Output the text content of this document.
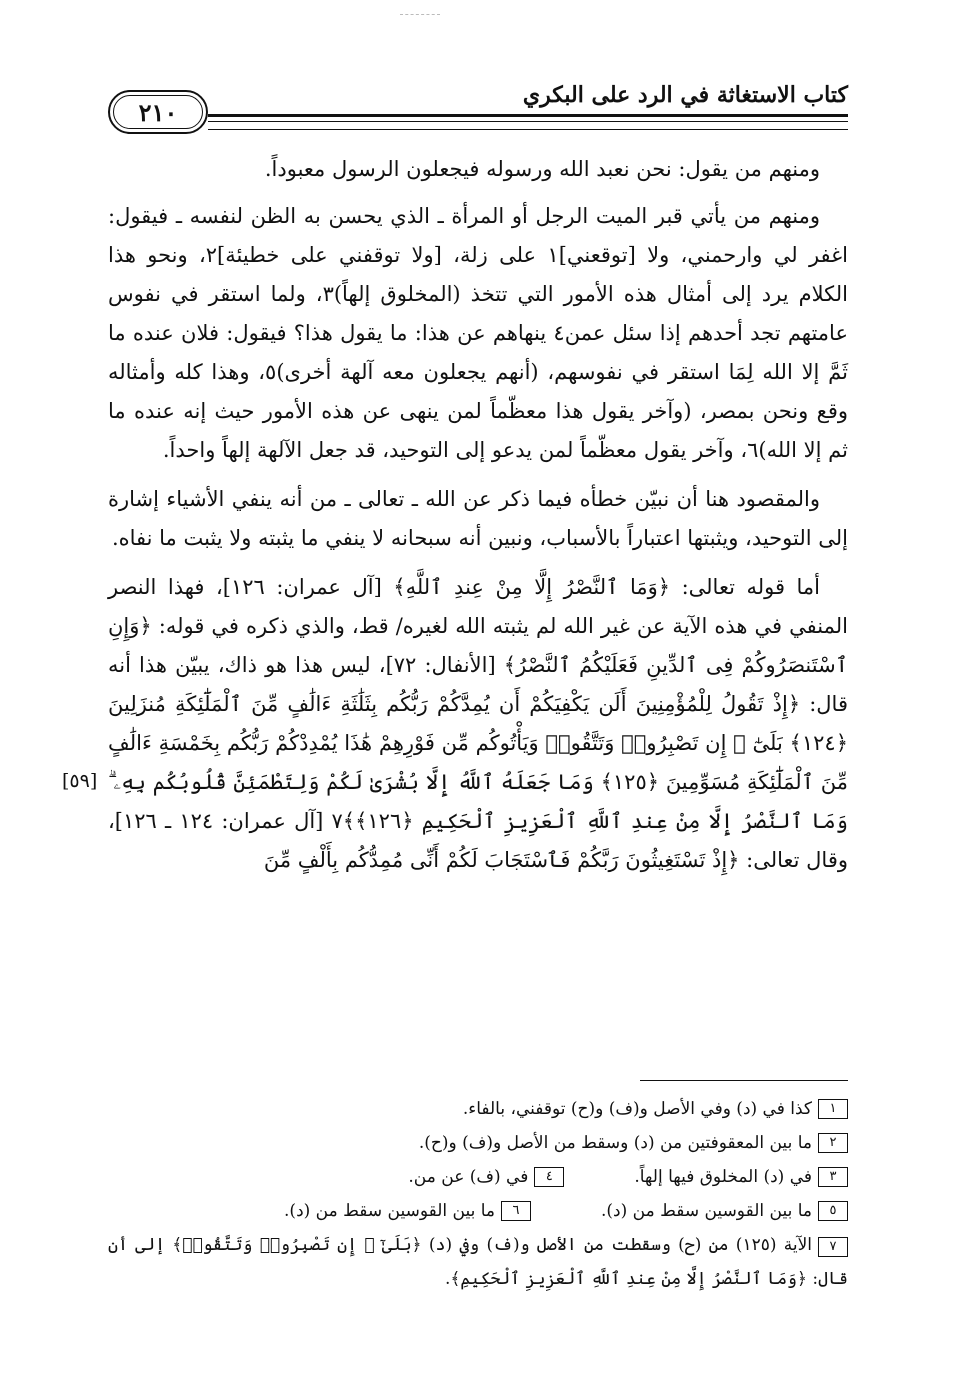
كتاب الاستغاثة في الرد على البكري
٢١٠

ومنهم من يقول: نحن نعبد الله ورسوله فيجعلون الرسول معبوداً.

ومنهم من يأتي قبر الميت الرجل أو المرأة ـ الذي يحسن به الظن لنفسه ـ فيقول: اغفر لي وارحمني، ولا [توقعني]١ على زلة، [ولا توقفني على خطيئة]٢، ونحو هذا الكلام يرد إلى أمثال هذه الأمور التي تتخذ (المخلوق إلهاً)٣، ولما استقر في نفوس عامتهم تجد أحدهم إذا سئل عمن٤ ينهاهم عن هذا: ما يقول هذا؟ فيقول: فلان عنده ما ثَمَّ إلا الله لِمَا استقر في نفوسهم، (أنهم يجعلون معه آلهة أخرى)٥، وهذا كله وأمثاله وقع ونحن بمصر، (وآخر يقول هذا معظّماً لمن ينهى عن هذه الأمور حيث إنه عنده ما ثم إلا الله)٦، وآخر يقول معظّماً لمن يدعو إلى التوحيد، قد جعل الآلهة إلهاً واحداً.

والمقصود هنا أن نبيّن خطأه فيما ذكر عن الله ـ تعالى ـ من أنه ينفي الأشياء إشارة إلى التوحيد، ويثبتها اعتباراً بالأسباب، ونبين أنه سبحانه لا ينفي ما يثبته ولا يثبت ما نفاه.

أما قوله تعالى: ﴿وَمَا ٱلنَّصْرُ إِلَّا مِنْ عِندِ ٱللَّهِ﴾ [آل عمران: ١٢٦]، فهذا النصر المنفي في هذه الآية عن غير الله لم يثبته الله لغيره/ قط، والذي ذكره في قوله: ﴿وَإِنِ ٱسْتَنصَرُوكُمْ فِى ٱلدِّينِ فَعَلَيْكُمُ ٱلنَّصْرُ﴾ [الأنفال: ٧٢]، ليس هذا هو ذاك، يبيّن هذا أنه قال: ﴿إِذْ تَقُولُ لِلْمُؤْمِنِينَ أَلَن يَكْفِيَكُمْ أَن يُمِدَّكُمْ رَبُّكُم بِثَلَٰثَةِ ءَالَٰفٍ مِّنَ ٱلْمَلَٰٓئِكَةِ مُنزَلِينَ ﴿١٢٤﴾ بَلَىٰٓ ۚ إِن تَصْبِرُوا۟ وَتَتَّقُوا۟ وَيَأْتُوكُم مِّن فَوْرِهِمْ هَٰذَا يُمْدِدْكُمْ رَبُّكُم بِخَمْسَةِ ءَالَٰفٍ مِّنَ ٱلْمَلَٰٓئِكَةِ مُسَوِّمِينَ ﴿١٢٥﴾ وَمَا جَعَلَهُ ٱللَّهُ إِلَّا بُشْرَىٰ لَكُمْ وَلِتَطْمَئِنَّ قُلُوبُكُم بِهِۦ ۗ وَمَا ٱلنَّصْرُ إِلَّا مِنْ عِندِ ٱللَّهِ ٱلْعَزِيزِ ٱلْحَكِيمِ ﴿١٢٦﴾﴾٧ [آل عمران: ١٢٤ ـ ١٢٦]، وقال تعالى: ﴿إِذْ تَسْتَغِيثُونَ رَبَّكُمْ فَٱسْتَجَابَ لَكُمْ أَنِّى مُمِدُّكُم بِأَلْفٍ مِّنَ

[٥٩]
١
كذا في (د) وفي الأصل و(ف) و(ح) توقفني، بالفاء.
٢
ما بين المعقوفتين من (د) وسقط من الأصل و(ف) و(ح).
٣
في (د) المخلوق فيها إلهاً.
٤
في (ف) عن من.
٥
ما بين القوسين سقط من (د).
٦
ما بين القوسين سقط من (د).
٧الآية (١٢٥) من (ح) وسقطت من الأصل و(ف) وفي (د) ﴿بَلَىٰٓ ۚ إِن تَصْبِرُوا۟ وَتَتَّقُوا۟﴾ إلى أن قال: ﴿وَمَا ٱلنَّصْرُ إِلَّا مِنْ عِندِ ٱللَّهِ ٱلْعَزِيزِ ٱلْحَكِيمِ﴾.
